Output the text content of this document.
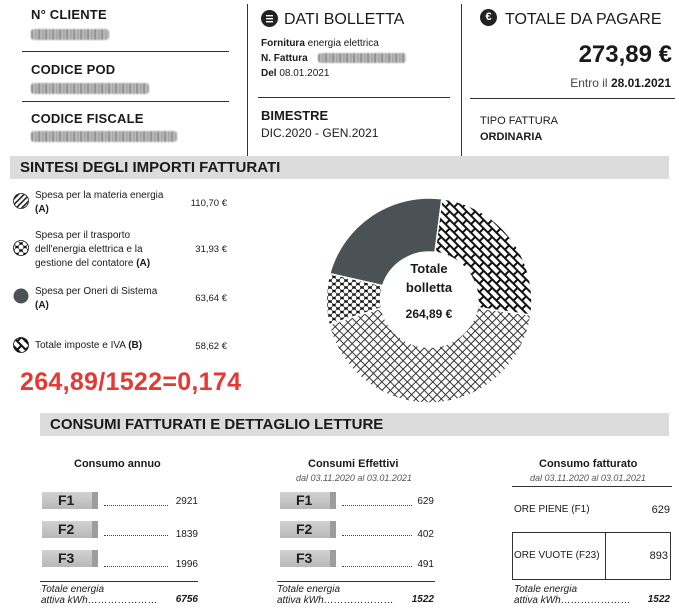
N° CLIENTE
CODICE POD
CODICE FISCALE
DATI BOLLETTA
Fornitura energia elettrica
N. Fattura
Del 08.01.2021
BIMESTRE
DIC.2020 - GEN.2021
€ TOTALE DA PAGARE
273,89 €
Entro il 28.01.2021
TIPO FATTURA
ORDINARIA
SINTESI DEGLI IMPORTI FATTURATI
Spesa per la materia energia (A)
110,70 €
Spesa per il trasporto dell'energia elettrica e la gestione del contatore (A)
31,93 €
Spesa per Oneri di Sistema (A)
63,64 €
Totale imposte e IVA (B)	58,62 €
264,89/1522=0,174
Totale bolletta
264,89 €
CONSUMI FATTURATI E DETTAGLIO LETTURE
Consumo annuo
F1	2921
F2	1839
F3	1996
Totale energia
attiva kWh…………………	6756
Consumi Effettivi
dal 03.11.2020 al 03.01.2021
F1	629
F2	402
F3	491
Totale energia
attiva kWh…………………	1522
Consumo fatturato
dal 03.11.2020 al 03.01.2021
ORE PIENE (F1)	629
ORE VUOTE (F23)	893
Totale energia
attiva kWh…………………	1522
